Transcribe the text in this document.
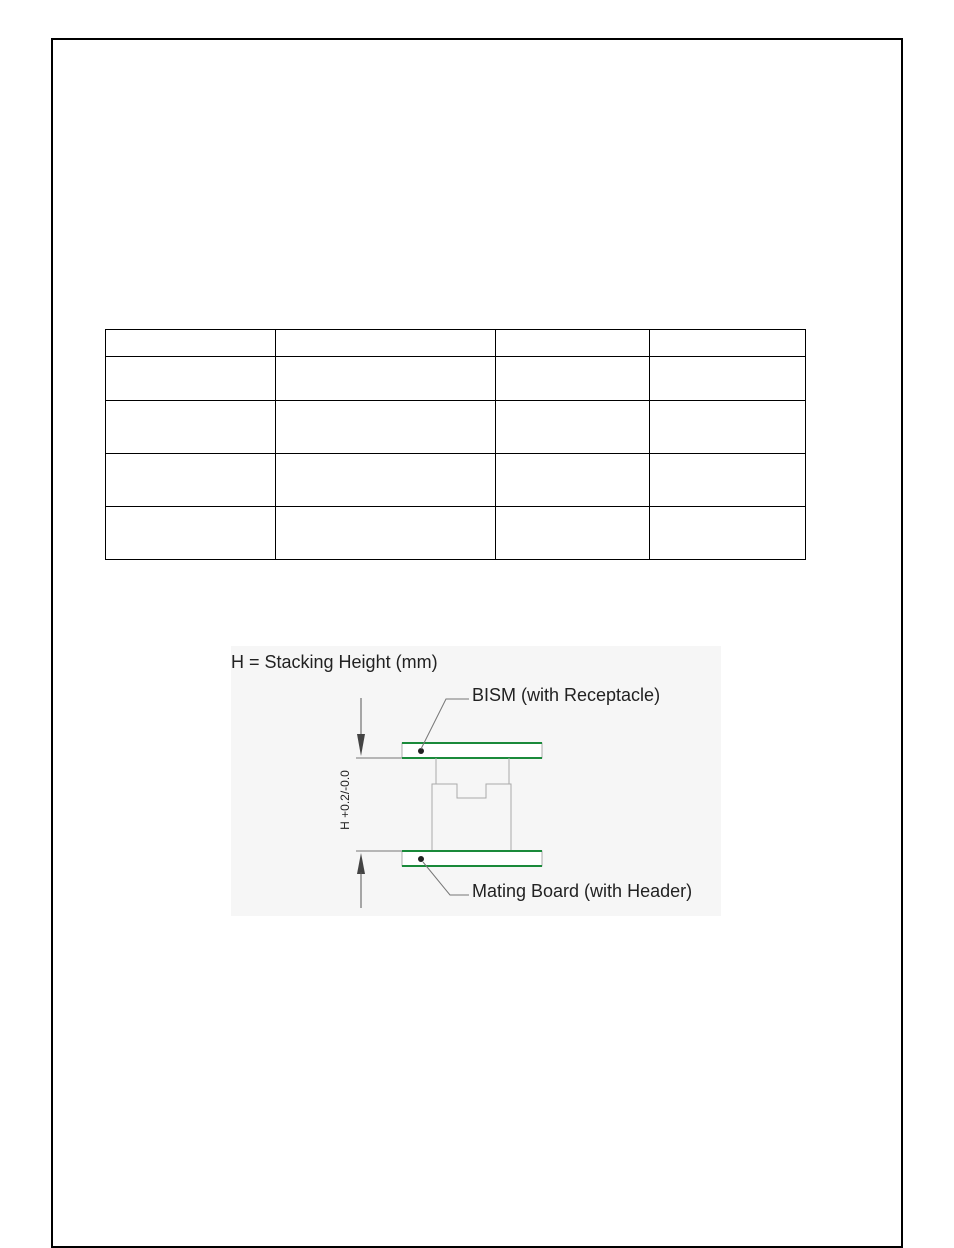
H = Stacking Height (mm)
BISM (with Receptacle)
Mating Board (with Header)
H +0.2/-0.0
